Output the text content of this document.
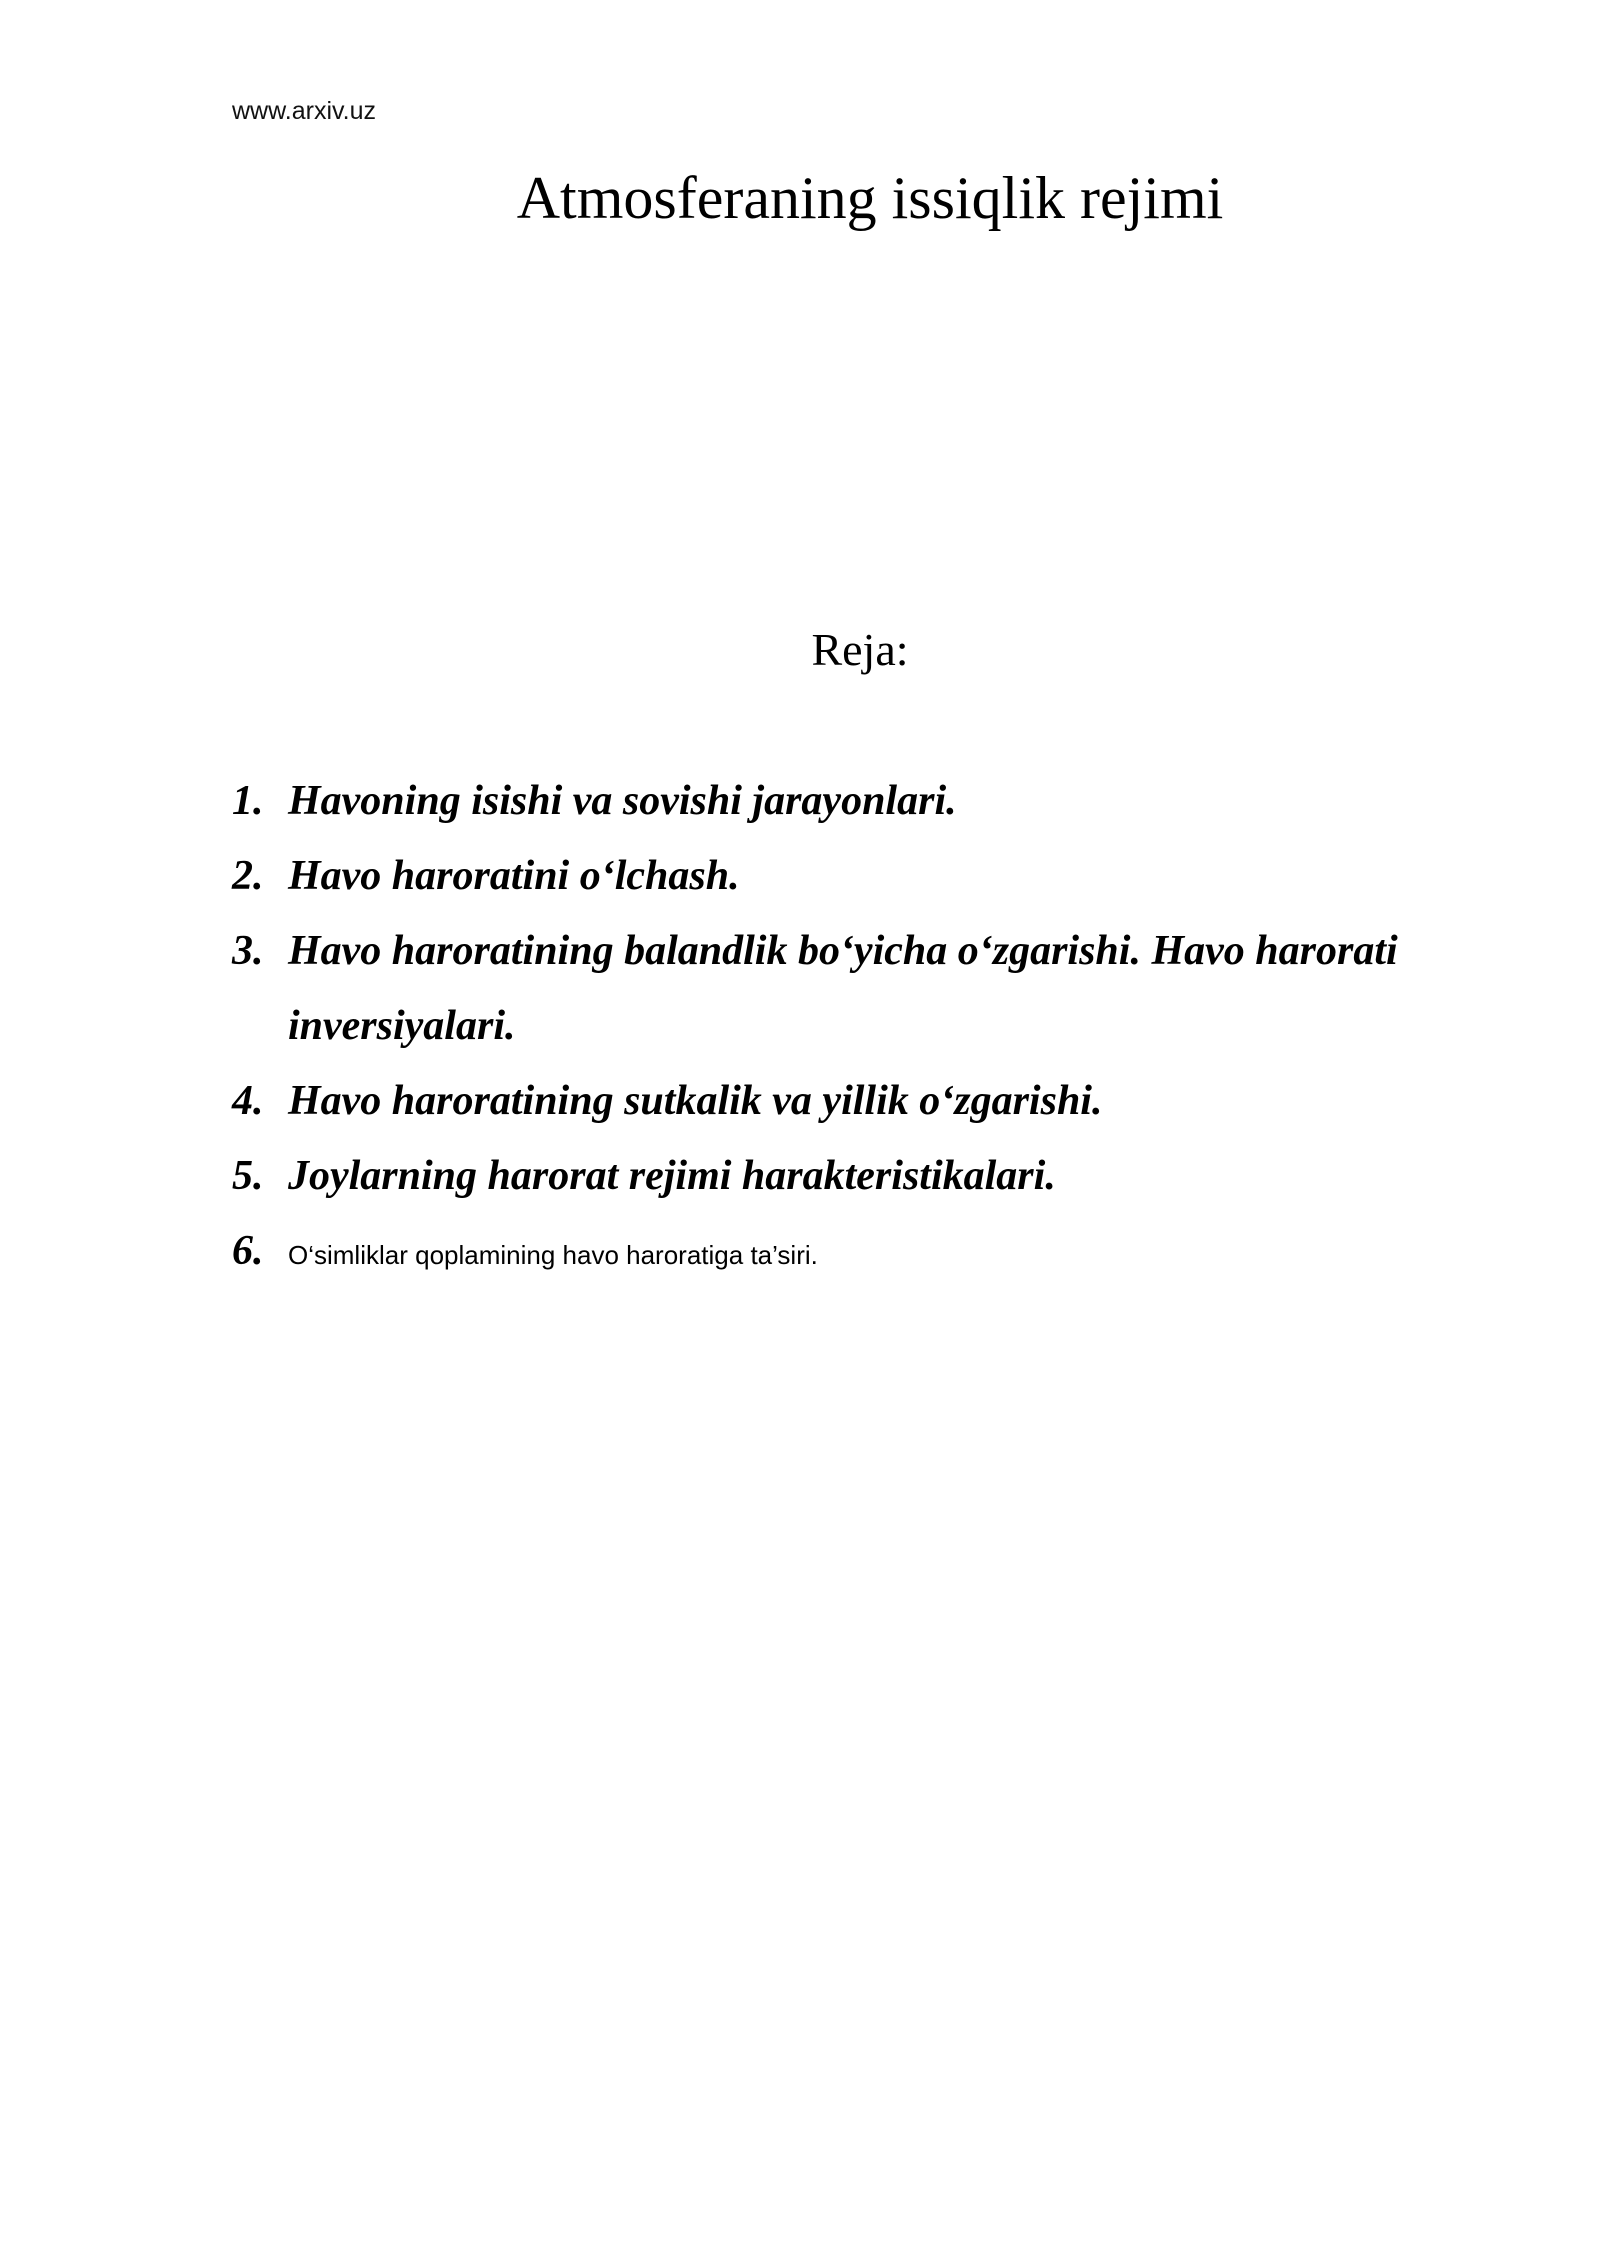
www.arxiv.uz
Atmosferaning issiqlik rejimi
Reja:
1. Havoning isishi va sovishi jarayonlari.
2. Havo haroratini o‘lchash.
3. Havo haroratining balandlik bo‘yicha o‘zgarishi. Havo harorati inversiyalari.
4. Havo haroratining sutkalik va yillik o‘zgarishi.
5. Joylarning harorat rejimi harakteristikalari.
6. O‘simliklar qoplamining havo haroratiga ta’siri.
